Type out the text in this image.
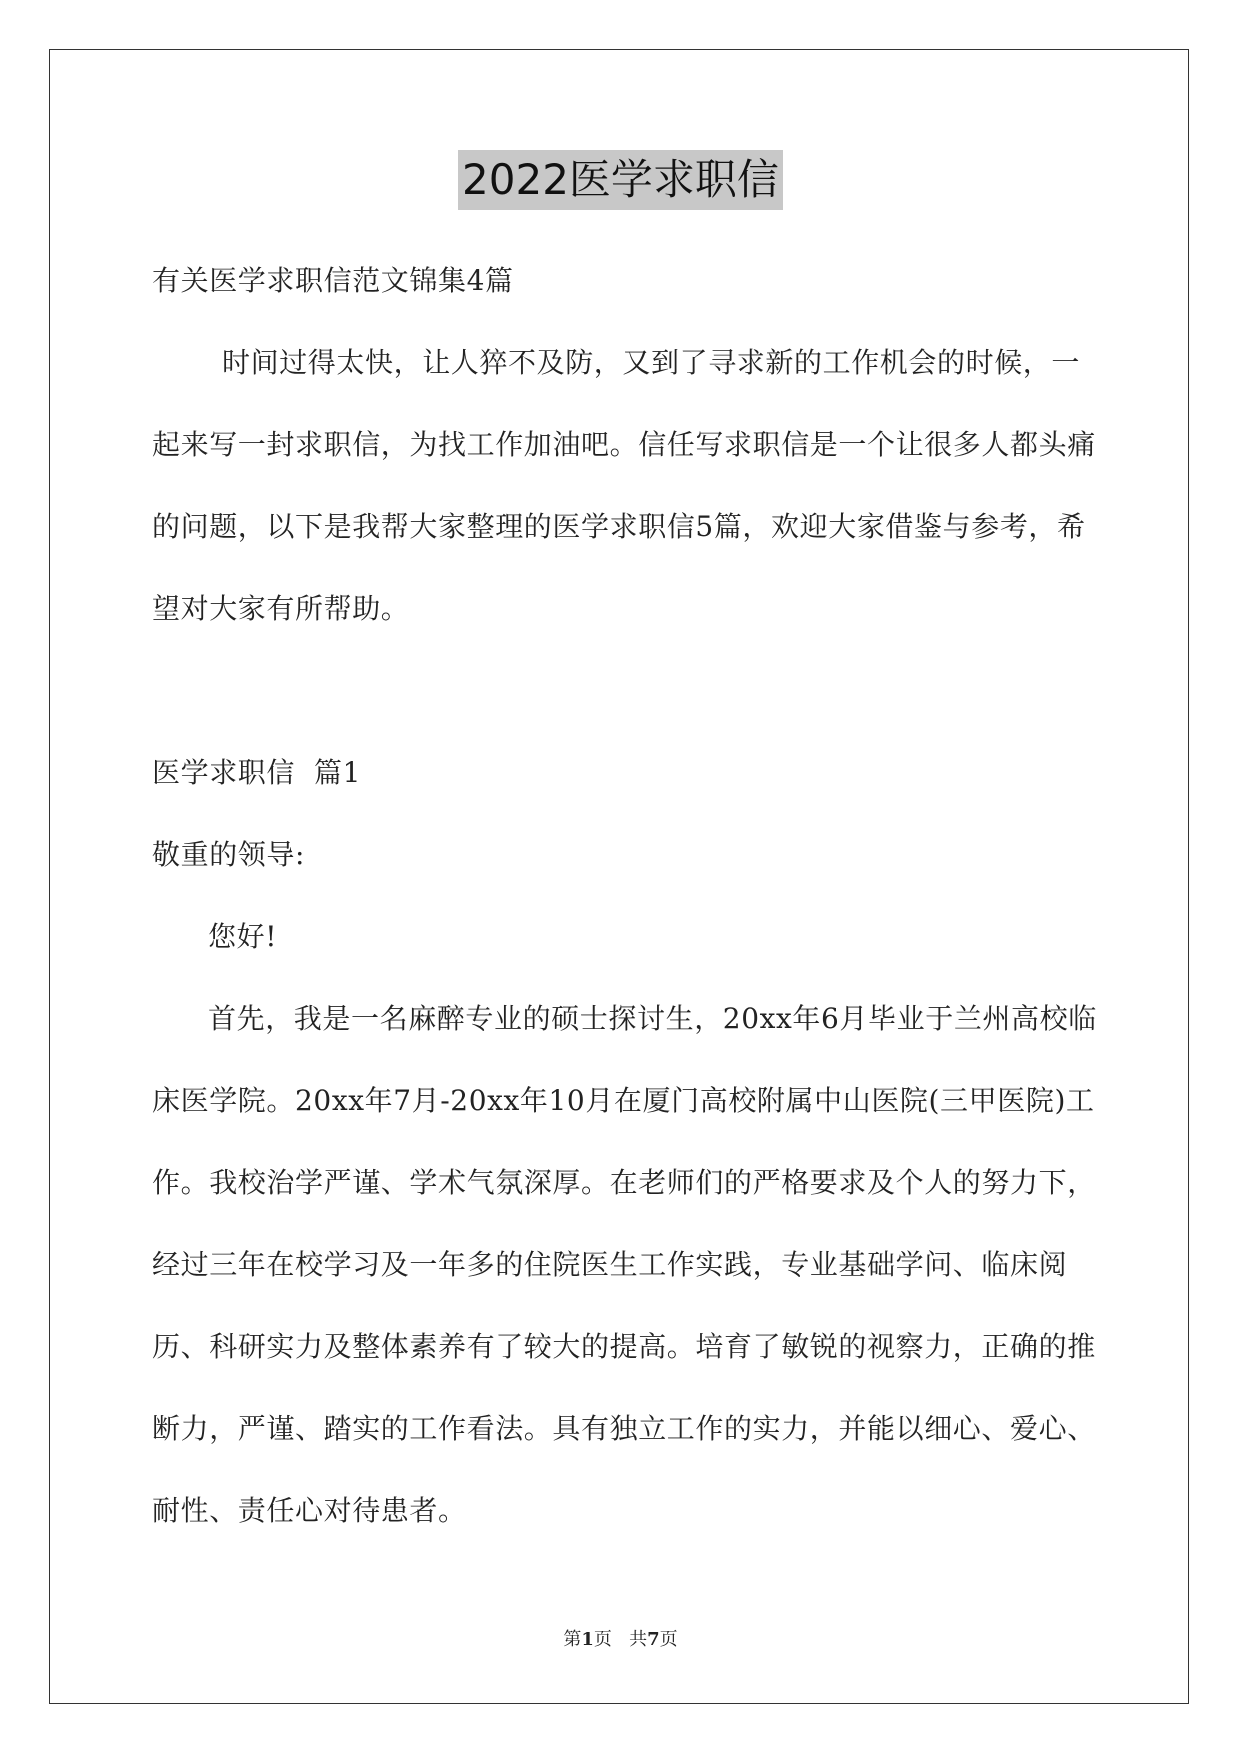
2022医学求职信

有关医学求职信范文锦集4篇

时间过得太快，让人猝不及防，又到了寻求新的工作机会的时候，一起来写一封求职信，为找工作加油吧。信任写求职信是一个让很多人都头痛的问题，以下是我帮大家整理的医学求职信5篇，欢迎大家借鉴与参考，希望对大家有所帮助。

医学求职信  篇1

敬重的领导:

您好!

首先，我是一名麻醉专业的硕士探讨生，20xx年6月毕业于兰州高校临床医学院。20xx年7月-20xx年10月在厦门高校附属中山医院(三甲医院)工作。我校治学严谨、学术气氛深厚。在老师们的严格要求及个人的努力下，经过三年在校学习及一年多的住院医生工作实践，专业基础学问、临床阅历、科研实力及整体素养有了较大的提高。培育了敏锐的视察力，正确的推断力，严谨、踏实的工作看法。具有独立工作的实力，并能以细心、爱心、耐性、责任心对待患者。

第1页 共7页
